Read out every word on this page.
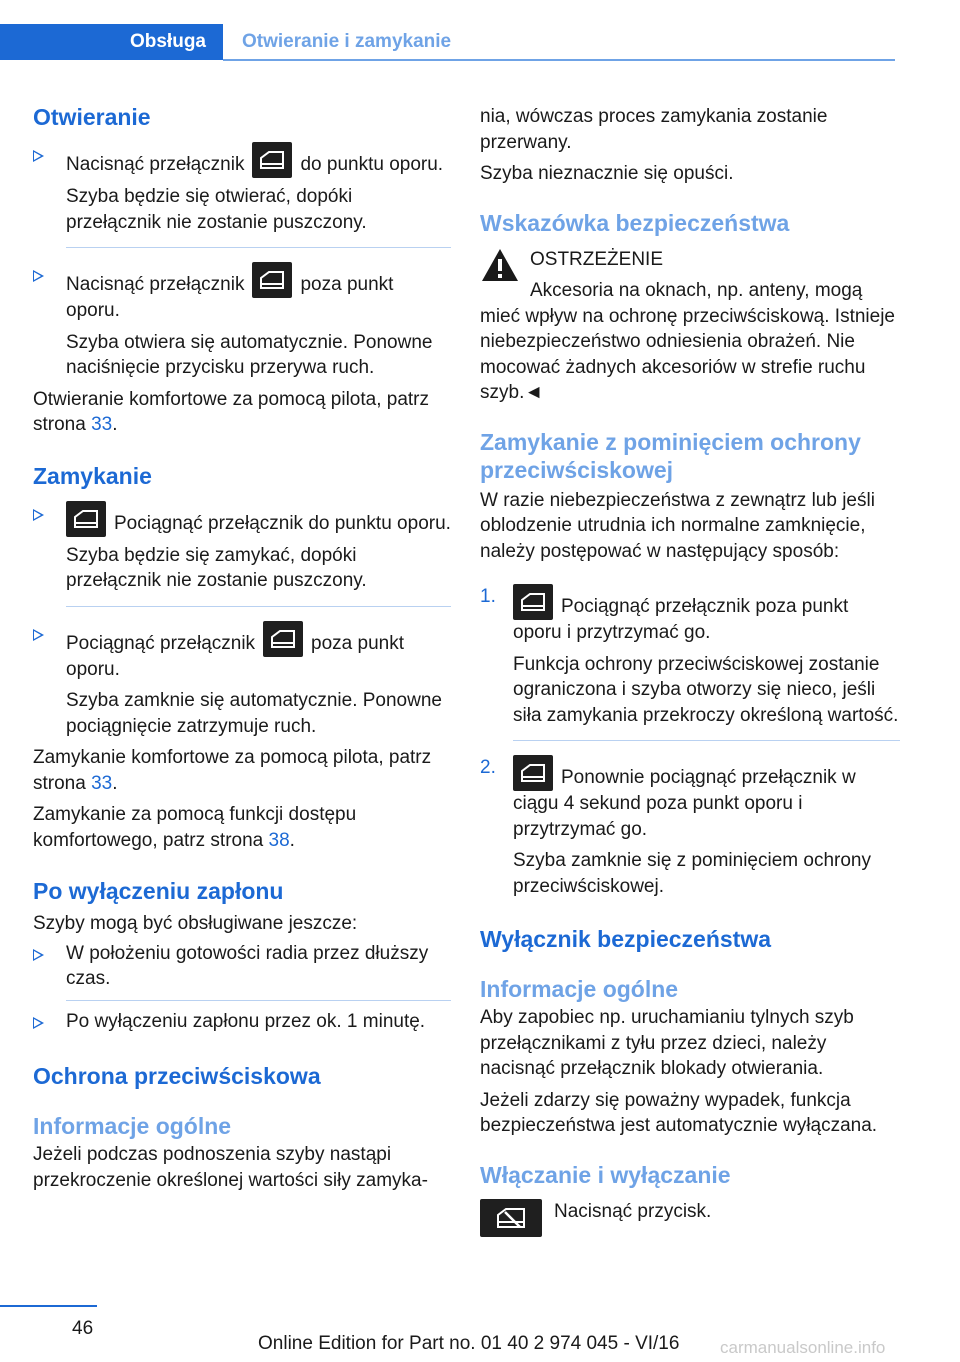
Obsługa Otwieranie i zamykanie
Otwieranie

Nacisnąć przełącznik	do punktu oporu.

Szyba będzie się otwierać, dopóki przełącznik nie zostanie puszczony.

Nacisnąć przełącznik	poza punkt oporu.

Szyba otwiera się automatycznie. Ponowne naciśnięcie przycisku przerywa ruch.

Otwieranie komfortowe za pomocą pilota, patrz strona 33.

Zamykanie

Pociągnąć przełącznik do punktu oporu.

Szyba będzie się zamykać, dopóki przełącznik nie zostanie puszczony.

Pociągnąć przełącznik	poza punkt oporu.

Szyba zamknie się automatycznie. Ponowne pociągnięcie zatrzymuje ruch.

Zamykanie komfortowe za pomocą pilota, patrz strona 33.

Zamykanie za pomocą funkcji dostępu komfortowego, patrz strona 38.

Po wyłączeniu zapłonu

Szyby mogą być obsługiwane jeszcze:

W położeniu gotowości radia przez dłuższy czas.

Po wyłączeniu zapłonu przez ok. 1 minutę.

Ochrona przeciwściskowa
Informacje ogólne

Jeżeli podczas podnoszenia szyby nastąpi przekroczenie określonej wartości siły zamyka-

nia, wówczas proces zamykania zostanie przerwany.

Szyba nieznacznie się opuści.

Wskazówka bezpieczeństwa

OSTRZEŻENIE

Akcesoria na oknach, np. anteny, mogą mieć wpływ na ochronę przeciwściskową. Istnieje niebezpieczeństwo odniesienia obrażeń. Nie mocować żadnych akcesoriów w strefie ruchu szyb.◄

Zamykanie z pominięciem ochrony przeciwściskowej

W razie niebezpieczeństwa z zewnątrz lub jeśli oblodzenie utrudnia ich normalne zamknięcie, należy postępować w następujący sposób:

1.	Pociągnąć przełącznik poza punkt oporu i przytrzymać go.

Funkcja ochrony przeciwściskowej zostanie ograniczona i szyba otworzy się nieco, jeśli siła zamykania przekroczy określoną wartość.

2.	Ponownie pociągnąć przełącznik w ciągu 4 sekund poza punkt oporu i przytrzymać go.

Szyba zamknie się z pominięciem ochrony przeciwściskowej.

Wyłącznik bezpieczeństwa
Informacje ogólne

Aby zapobiec np. uruchamianiu tylnych szyb przełącznikami z tyłu przez dzieci, należy nacisnąć przełącznik blokady otwierania.

Jeżeli zdarzy się poważny wypadek, funkcja bezpieczeństwa jest automatycznie wyłączana.

Włączanie i wyłączanie

Nacisnąć przycisk.

46
Online Edition for Part no. 01 40 2 974 045 - VI/16 carmanualsonline.info
